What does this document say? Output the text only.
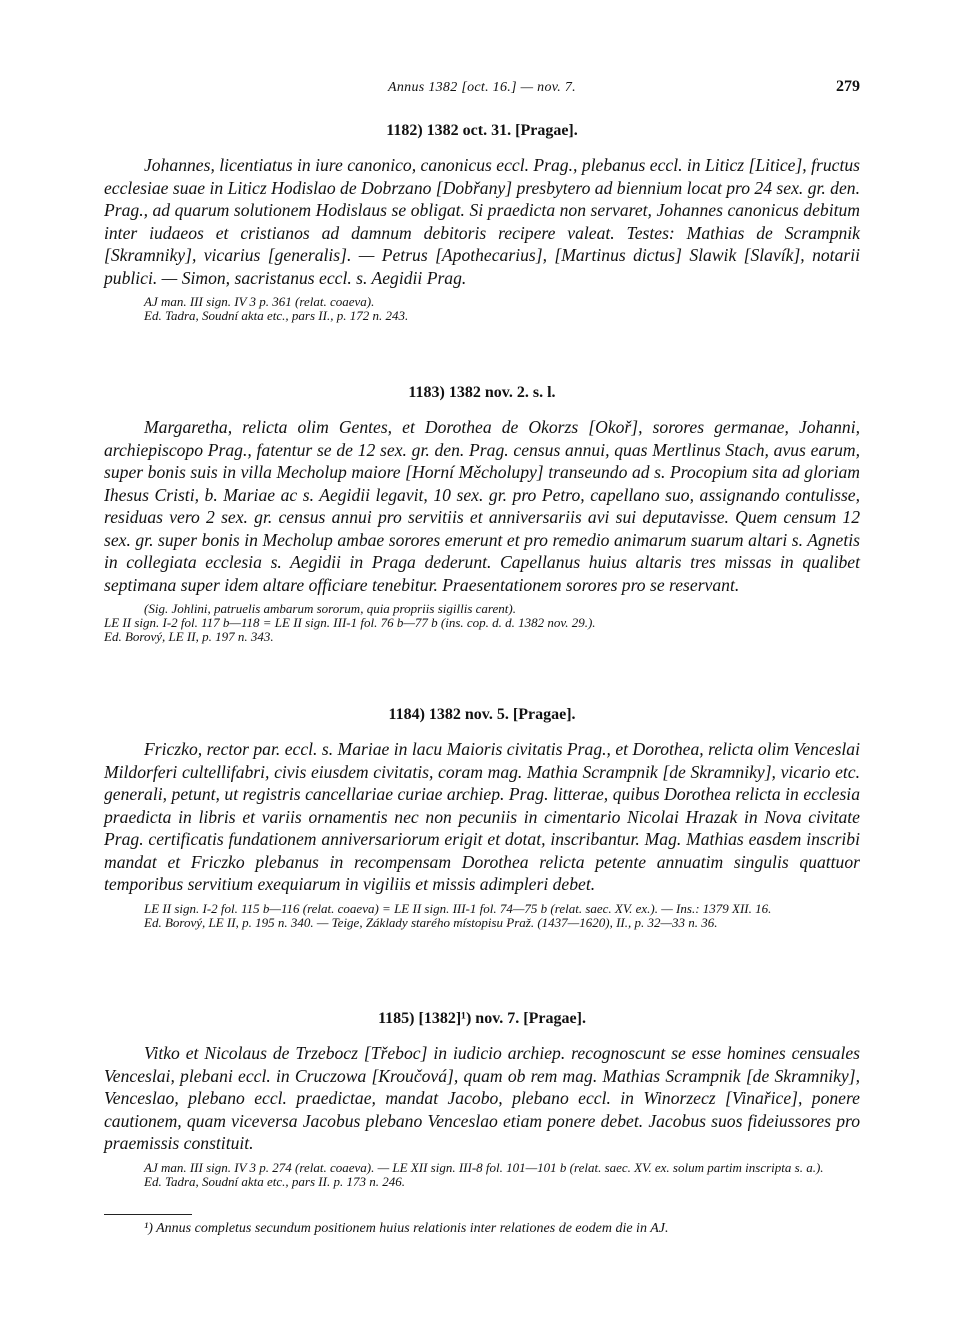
Annus 1382 [oct. 16.] — nov. 7.	279
1182) 1382 oct. 31. [Pragae].

Johannes, licentiatus in iure canonico, canonicus eccl. Prag., plebanus eccl. in Liticz [Litice], fructus ecclesiae suae in Liticz Hodislao de Dobrzano [Dobřany] presbytero ad biennium locat pro 24 sex. gr. den. Prag., ad quarum solutionem Hodislaus se obligat. Si praedicta non servaret, Johannes canonicus debitum inter iudaeos et cristianos ad damnum debitoris recipere valeat. Testes: Mathias de Scrampnik [Skramniky], vicarius [generalis]. — Petrus [Apothecarius], [Martinus dictus] Slawik [Slavík], notarii publici. — Simon, sacristanus eccl. s. Aegidii Prag.

AJ man. III sign. IV 3 p. 361 (relat. coaeva).
Ed. Tadra, Soudní akta etc., pars II., p. 172 n. 243.
1183) 1382 nov. 2. s. l.

Margaretha, relicta olim Gentes, et Dorothea de Okorzs [Okoř], sorores germanae, Johanni, archiepiscopo Prag., fatentur se de 12 sex. gr. den. Prag. census annui, quas Mertlinus Stach, avus earum, super bonis suis in villa Mecholup maiore [Horní Měcholupy] transeundo ad s. Procopium sita ad gloriam Ihesus Cristi, b. Mariae ac s. Aegidii legavit, 10 sex. gr. pro Petro, capellano suo, assignando contulisse, residuas vero 2 sex. gr. census annui pro servitiis et anniversariis avi sui deputavisse. Quem censum 12 sex. gr. super bonis in Mecholup ambae sorores emerunt et pro remedio animarum suarum altari s. Agnetis in collegiata ecclesia s. Aegidii in Praga dederunt. Capellanus huius altaris tres missas in qualibet septimana super idem altare officiare tenebitur. Praesentationem sorores pro se reservant.

(Sig. Johlini, patruelis ambarum sororum, quia propriis sigillis carent).
LE II sign. I-2 fol. 117 b—118 = LE II sign. III-1 fol. 76 b—77 b (ins. cop. d. d. 1382 nov. 29.).
Ed. Borový, LE II, p. 197 n. 343.
1184) 1382 nov. 5. [Pragae].

Friczko, rector par. eccl. s. Mariae in lacu Maioris civitatis Prag., et Dorothea, relicta olim Venceslai Mildorferi cultellifabri, civis eiusdem civitatis, coram mag. Mathia Scrampnik [de Skramniky], vicario etc. generali, petunt, ut registris cancellariae curiae archiep. Prag. litterae, quibus Dorothea relicta in ecclesia praedicta in libris et variis ornamentis nec non pecuniis in cimentario Nicolai Hrazak in Nova civitate Prag. certificatis fundationem anniversariorum erigit et dotat, inscribantur. Mag. Mathias easdem inscribi mandat et Friczko plebanus in recompensam Dorothea relicta petente annuatim singulis quattuor temporibus servitium exequiarum in vigiliis et missis adimpleri debet.

LE II sign. I-2 fol. 115 b—116 (relat. coaeva) = LE II sign. III-1 fol. 74—75 b (relat. saec. XV. ex.). — Ins.: 1379 XII. 16.
Ed. Borový, LE II, p. 195 n. 340. — Teige, Základy starého místopisu Praž. (1437—1620), II., p. 32—33 n. 36.
1185) [1382]¹) nov. 7. [Pragae].

Vitko et Nicolaus de Trzebocz [Třeboc] in iudicio archiep. recognoscunt se esse homines censuales Venceslai, plebani eccl. in Cruczowa [Kroučová], quam ob rem mag. Mathias Scrampnik [de Skramniky], Venceslao, plebano eccl. praedictae, mandat Jacobo, plebano eccl. in Winorzecz [Vinařice], ponere cautionem, quam viceversa Jacobus plebano Venceslao etiam ponere debet. Jacobus suos fideiussores pro praemissis constituit.

AJ man. III sign. IV 3 p. 274 (relat. coaeva). — LE XII sign. III-8 fol. 101—101 b (relat. saec. XV. ex. solum partim inscripta s. a.).
Ed. Tadra, Soudní akta etc., pars II. p. 173 n. 246.
¹) Annus completus secundum positionem huius relationis inter relationes de eodem die in AJ.
